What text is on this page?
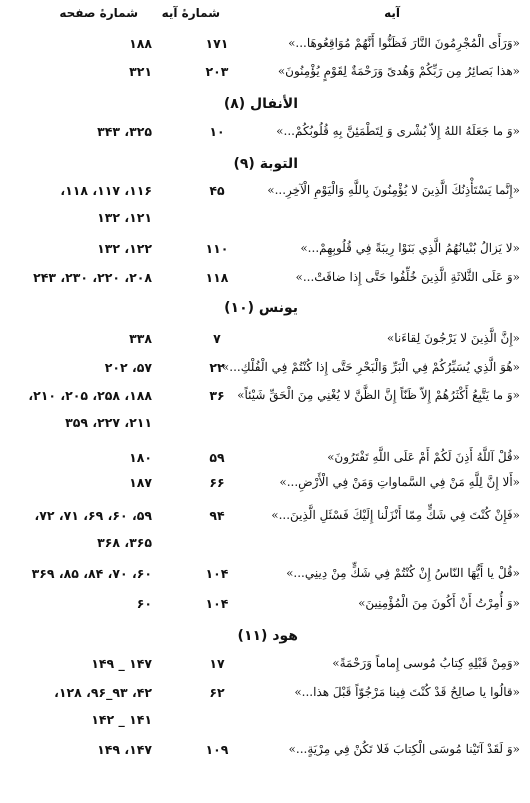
آيه
شمارهٔ آیه
شمارهٔ صفحه
«وَرَأَى الْمُجْرِمُونَ النَّارَ فَظَنُّوا أَنَّهُمْ مُوَاقِعُوهَا...»
۱۷۱
۱۸۸
«هذا بَصائِرُ مِن رَبِّکُمْ وَهُدىً وَرَحْمَةٌ لِقَوْمٍ يُؤْمِنُونَ»
۲۰۳
۳۲۱
الأنفال (۸)
«وَ ما جَعَلَهُ اللهُ إِلاّ بُشْرى وَ لِتَطْمَئِنَّ بِهِ قُلُوبُكُمْ...»
۱۰
۳۲۵، ۳۴۳
التوبة (۹)
«إِنَّما يَسْتَأْذِنُكَ الَّذِينَ لا يُؤْمِنُونَ بِاللَّهِ وَالْيَوْمِ الْآخِرِ...»
۴۵
۱۱۶، ۱۱۷، ۱۱۸،
۱۲۱، ۱۳۲
«لا يَزالُ بُنْيانُهُمُ الَّذِي بَنَوْا رِيبَةً فِي قُلُوبِهِمْ...»
۱۱۰
۱۲۲، ۱۳۲
«وَ عَلَى الثَّلاثَةِ الَّذِينَ خُلِّفُوا حَتَّى إِذا ضاقَتْ...»
۱۱۸
۲۰۸، ۲۲۰، ۲۳۰، ۲۴۳
يونس (۱۰)
«إِنَّ الَّذِينَ لا يَرْجُونَ لِقاءَنا»
۷
۳۳۸
«هُوَ الَّذِي يُسَيِّرُكُمْ فِي الْبَرِّ وَالْبَحْرِ حَتَّى إِذا كُنْتُمْ فِي الْفُلْكِ...»
۲۲
۵۷، ۲۰۲
«وَ ما يَتَّبِعُ أَكْثَرُهُمْ إِلاّ ظَنّاً إِنَّ الظَّنَّ لا يُغْنِي مِنَ الْحَقِّ شَيْئاً»
۳۶
۱۸۸، ۲۵۸، ۲۰۵، ۲۱۰،
۲۱۱، ۲۲۷، ۳۵۹
«قُلْ آللَّهُ أَذِنَ لَكُمْ أَمْ عَلَى اللَّهِ تَفْتَرُونَ»
۵۹
۱۸۰
«أَلا إِنَّ لِلَّهِ مَنْ فِي السَّماواتِ وَمَنْ فِي الْأَرْضِ...»
۶۶
۱۸۷
«فَإِنْ كُنْتَ فِي شَكٍّ مِمّا أَنْزَلْنا إِلَيْكَ فَسْئَلِ الَّذِينَ...»
۹۴
۵۹، ۶۰، ۶۹، ۷۱، ۷۲،
۳۶۵، ۳۶۸
«قُلْ يا أَيُّهَا النّاسُ إِنْ كُنْتُمْ فِي شَكٍّ مِنْ دِينِي...»
۱۰۴
۶۰، ۷۰، ۸۴، ۸۵، ۳۶۹
«وَ أُمِرْتُ أَنْ أَكُونَ مِنَ الْمُؤْمِنِينَ»
۱۰۴
۶۰
هود (۱۱)
«وَمِنْ قَبْلِهِ كِتابُ مُوسى إِماماً وَرَحْمَةً»
۱۷
۱۴۷ _ ۱۴۹
«قالُوا يا صالِحُ قَدْ كُنْتَ فِينا مَرْجُوّاً قَبْلَ هذا...»
۶۲
۴۲، ۹۳_۹۶، ۱۲۸،
۱۴۱ _ ۱۴۲
«وَ لَقَدْ آتَيْنا مُوسَى الْكِتابَ فَلا تَكُنْ فِي مِرْيَةٍ...»
۱۰۹
۱۴۷، ۱۴۹
